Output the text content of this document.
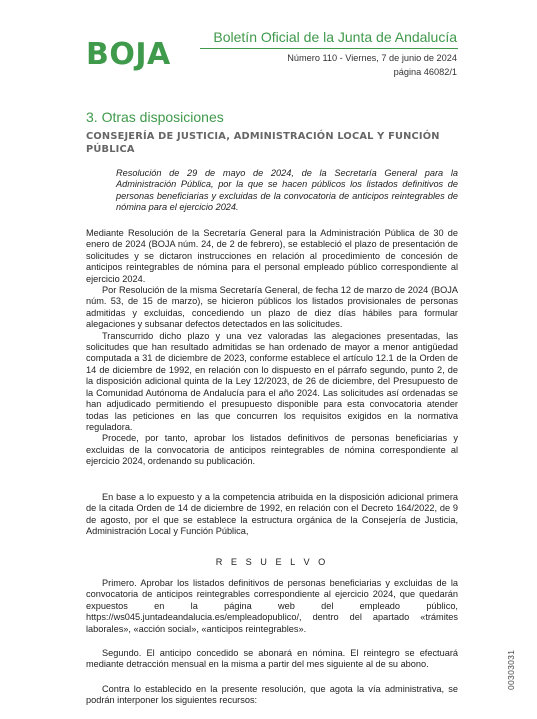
BOJA	Boletín Oficial de la Junta de Andalucía
Número 110 - Viernes, 7 de junio de 2024
página 46082/1
3. Otras disposiciones
CONSEJERÍA DE JUSTICIA, ADMINISTRACIÓN LOCAL Y FUNCIÓN PÚBLICA
Resolución de 29 de mayo de 2024, de la Secretaría General para la Administración Pública, por la que se hacen públicos los listados definitivos de personas beneficiarias y excluidas de la convocatoria de anticipos reintegrables de nómina para el ejercicio 2024.

Mediante Resolución de la Secretaría General para la Administración Pública de 30 de enero de 2024 (BOJA núm. 24, de 2 de febrero), se estableció el plazo de presentación de solicitudes y se dictaron instrucciones en relación al procedimiento de concesión de anticipos reintegrables de nómina para el personal empleado público correspondiente al ejercicio 2024.

Por Resolución de la misma Secretaría General, de fecha 12 de marzo de 2024 (BOJA núm. 53, de 15 de marzo), se hicieron públicos los listados provisionales de personas admitidas y excluidas, concediendo un plazo de diez días hábiles para formular alegaciones y subsanar defectos detectados en las solicitudes.

Transcurrido dicho plazo y una vez valoradas las alegaciones presentadas, las solicitudes que han resultado admitidas se han ordenado de mayor a menor antigüedad computada a 31 de diciembre de 2023, conforme establece el artículo 12.1 de la Orden de 14 de diciembre de 1992, en relación con lo dispuesto en el párrafo segundo, punto 2, de la disposición adicional quinta de la Ley 12/2023, de 26 de diciembre, del Presupuesto de la Comunidad Autónoma de Andalucía para el año 2024. Las solicitudes así ordenadas se han adjudicado permitiendo el presupuesto disponible para esta convocatoria atender todas las peticiones en las que concurren los requisitos exigidos en la normativa reguladora.

Procede, por tanto, aprobar los listados definitivos de personas beneficiarias y excluidas de la convocatoria de anticipos reintegrables de nómina correspondiente al ejercicio 2024, ordenando su publicación.

En base a lo expuesto y a la competencia atribuida en la disposición adicional primera de la citada Orden de 14 de diciembre de 1992, en relación con el Decreto 164/2022, de 9 de agosto, por el que se establece la estructura orgánica de la Consejería de Justicia, Administración Local y Función Pública,

R E S U E L V O

Primero. Aprobar los listados definitivos de personas beneficiarias y excluidas de la convocatoria de anticipos reintegrables correspondiente al ejercicio 2024, que quedarán expuestos en la página web del empleado público, https://ws045.juntadeandalucia.es/empleadopublico/, dentro del apartado «trámites laborales», «acción social», «anticipos reintegrables».

Segundo. El anticipo concedido se abonará en nómina. El reintegro se efectuará mediante detracción mensual en la misma a partir del mes siguiente al de su abono.

Contra lo establecido en la presente resolución, que agota la vía administrativa, se podrán interponer los siguientes recursos:

00303031
